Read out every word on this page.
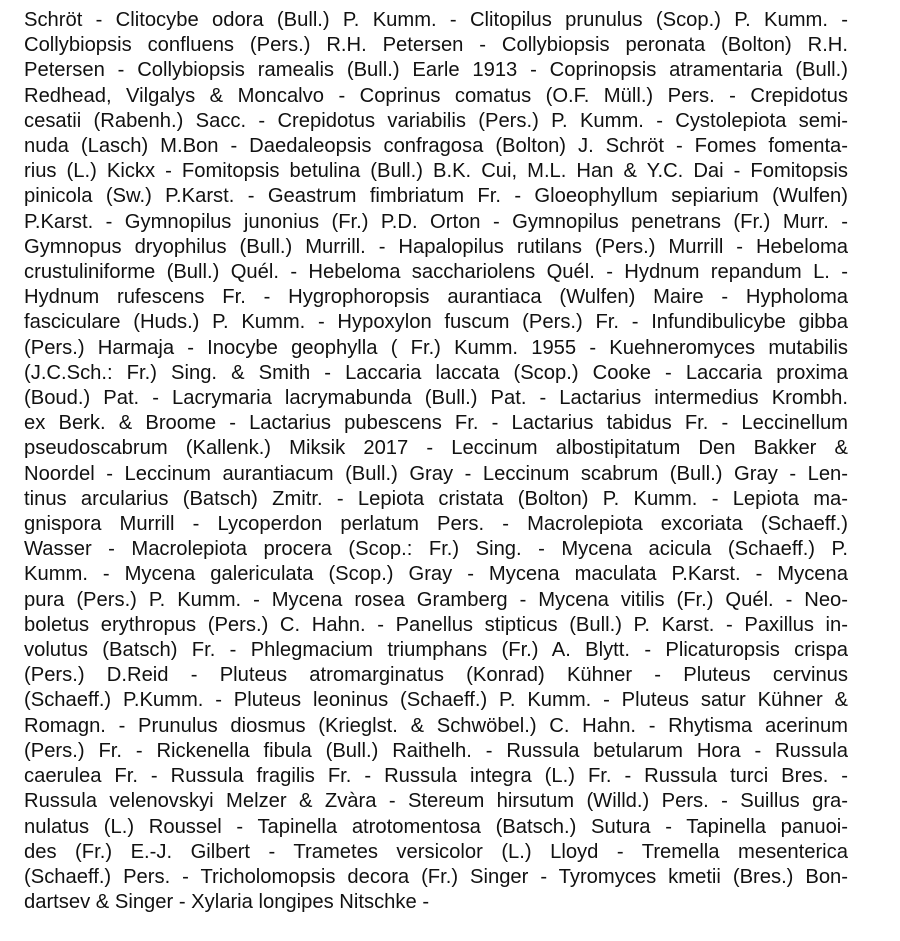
Schröt - Clitocybe odora (Bull.) P. Kumm. - Clitopilus prunulus (Scop.) P. Kumm. -
Collybiopsis confluens (Pers.) R.H. Petersen - Collybiopsis peronata (Bolton) R.H.
Petersen - Collybiopsis ramealis (Bull.) Earle 1913 - Coprinopsis atramentaria (Bull.)
Redhead, Vilgalys & Moncalvo - Coprinus comatus (O.F. Müll.) Pers. - Crepidotus
cesatii (Rabenh.) Sacc. - Crepidotus variabilis (Pers.) P. Kumm. - Cystolepiota semi-
nuda (Lasch) M.Bon - Daedaleopsis confragosa (Bolton) J. Schröt - Fomes fomenta-
rius (L.) Kickx - Fomitopsis betulina (Bull.) B.K. Cui, M.L. Han & Y.C. Dai - Fomitopsis
pinicola (Sw.) P.Karst. - Geastrum fimbriatum Fr. - Gloeophyllum sepiarium (Wulfen)
P.Karst. - Gymnopilus junonius (Fr.) P.D. Orton - Gymnopilus penetrans (Fr.) Murr. -
Gymnopus dryophilus (Bull.) Murrill. - Hapalopilus rutilans (Pers.) Murrill - Hebeloma
crustuliniforme (Bull.) Quél. - Hebeloma sacchariolens Quél. - Hydnum repandum L. -
Hydnum rufescens Fr. - Hygrophoropsis aurantiaca (Wulfen) Maire - Hypholoma
fasciculare (Huds.) P. Kumm. - Hypoxylon fuscum (Pers.) Fr. - Infundibulicybe gibba
(Pers.) Harmaja - Inocybe geophylla ( Fr.) Kumm. 1955 - Kuehneromyces mutabilis
(J.C.Sch.: Fr.) Sing. & Smith - Laccaria laccata (Scop.) Cooke - Laccaria proxima
(Boud.) Pat. - Lacrymaria lacrymabunda (Bull.) Pat. - Lactarius intermedius Krombh.
ex Berk. & Broome - Lactarius pubescens Fr. - Lactarius tabidus Fr. - Leccinellum
pseudoscabrum (Kallenk.) Miksik 2017 - Leccinum albostipitatum Den Bakker &
Noordel - Leccinum aurantiacum (Bull.) Gray - Leccinum scabrum (Bull.) Gray - Len-
tinus arcularius (Batsch) Zmitr. - Lepiota cristata (Bolton) P. Kumm. - Lepiota ma-
gnispora Murrill - Lycoperdon perlatum Pers. - Macrolepiota excoriata (Schaeff.)
Wasser - Macrolepiota procera (Scop.: Fr.) Sing. - Mycena acicula (Schaeff.) P.
Kumm. - Mycena galericulata (Scop.) Gray - Mycena maculata P.Karst. - Mycena
pura (Pers.) P. Kumm. - Mycena rosea Gramberg - Mycena vitilis (Fr.) Quél. - Neo-
boletus erythropus (Pers.) C. Hahn. - Panellus stipticus (Bull.) P. Karst. - Paxillus in-
volutus (Batsch) Fr. - Phlegmacium triumphans (Fr.) A. Blytt. - Plicaturopsis crispa
(Pers.) D.Reid - Pluteus atromarginatus (Konrad) Kühner - Pluteus cervinus
(Schaeff.) P.Kumm. - Pluteus leoninus (Schaeff.) P. Kumm. - Pluteus satur Kühner &
Romagn. - Prunulus diosmus (Krieglst. & Schwöbel.) C. Hahn. - Rhytisma acerinum
(Pers.) Fr. - Rickenella fibula (Bull.) Raithelh. - Russula betularum Hora - Russula
caerulea Fr. - Russula fragilis Fr. - Russula integra (L.) Fr. - Russula turci Bres. -
Russula velenovskyi Melzer & Zvàra - Stereum hirsutum (Willd.) Pers. - Suillus gra-
nulatus (L.) Roussel - Tapinella atrotomentosa (Batsch.) Sutura - Tapinella panuoi-
des (Fr.) E.-J. Gilbert - Trametes versicolor (L.) Lloyd - Tremella mesenterica
(Schaeff.) Pers. - Tricholomopsis decora (Fr.) Singer - Tyromyces kmetii (Bres.) Bon-
dartsev & Singer - Xylaria longipes Nitschke -
